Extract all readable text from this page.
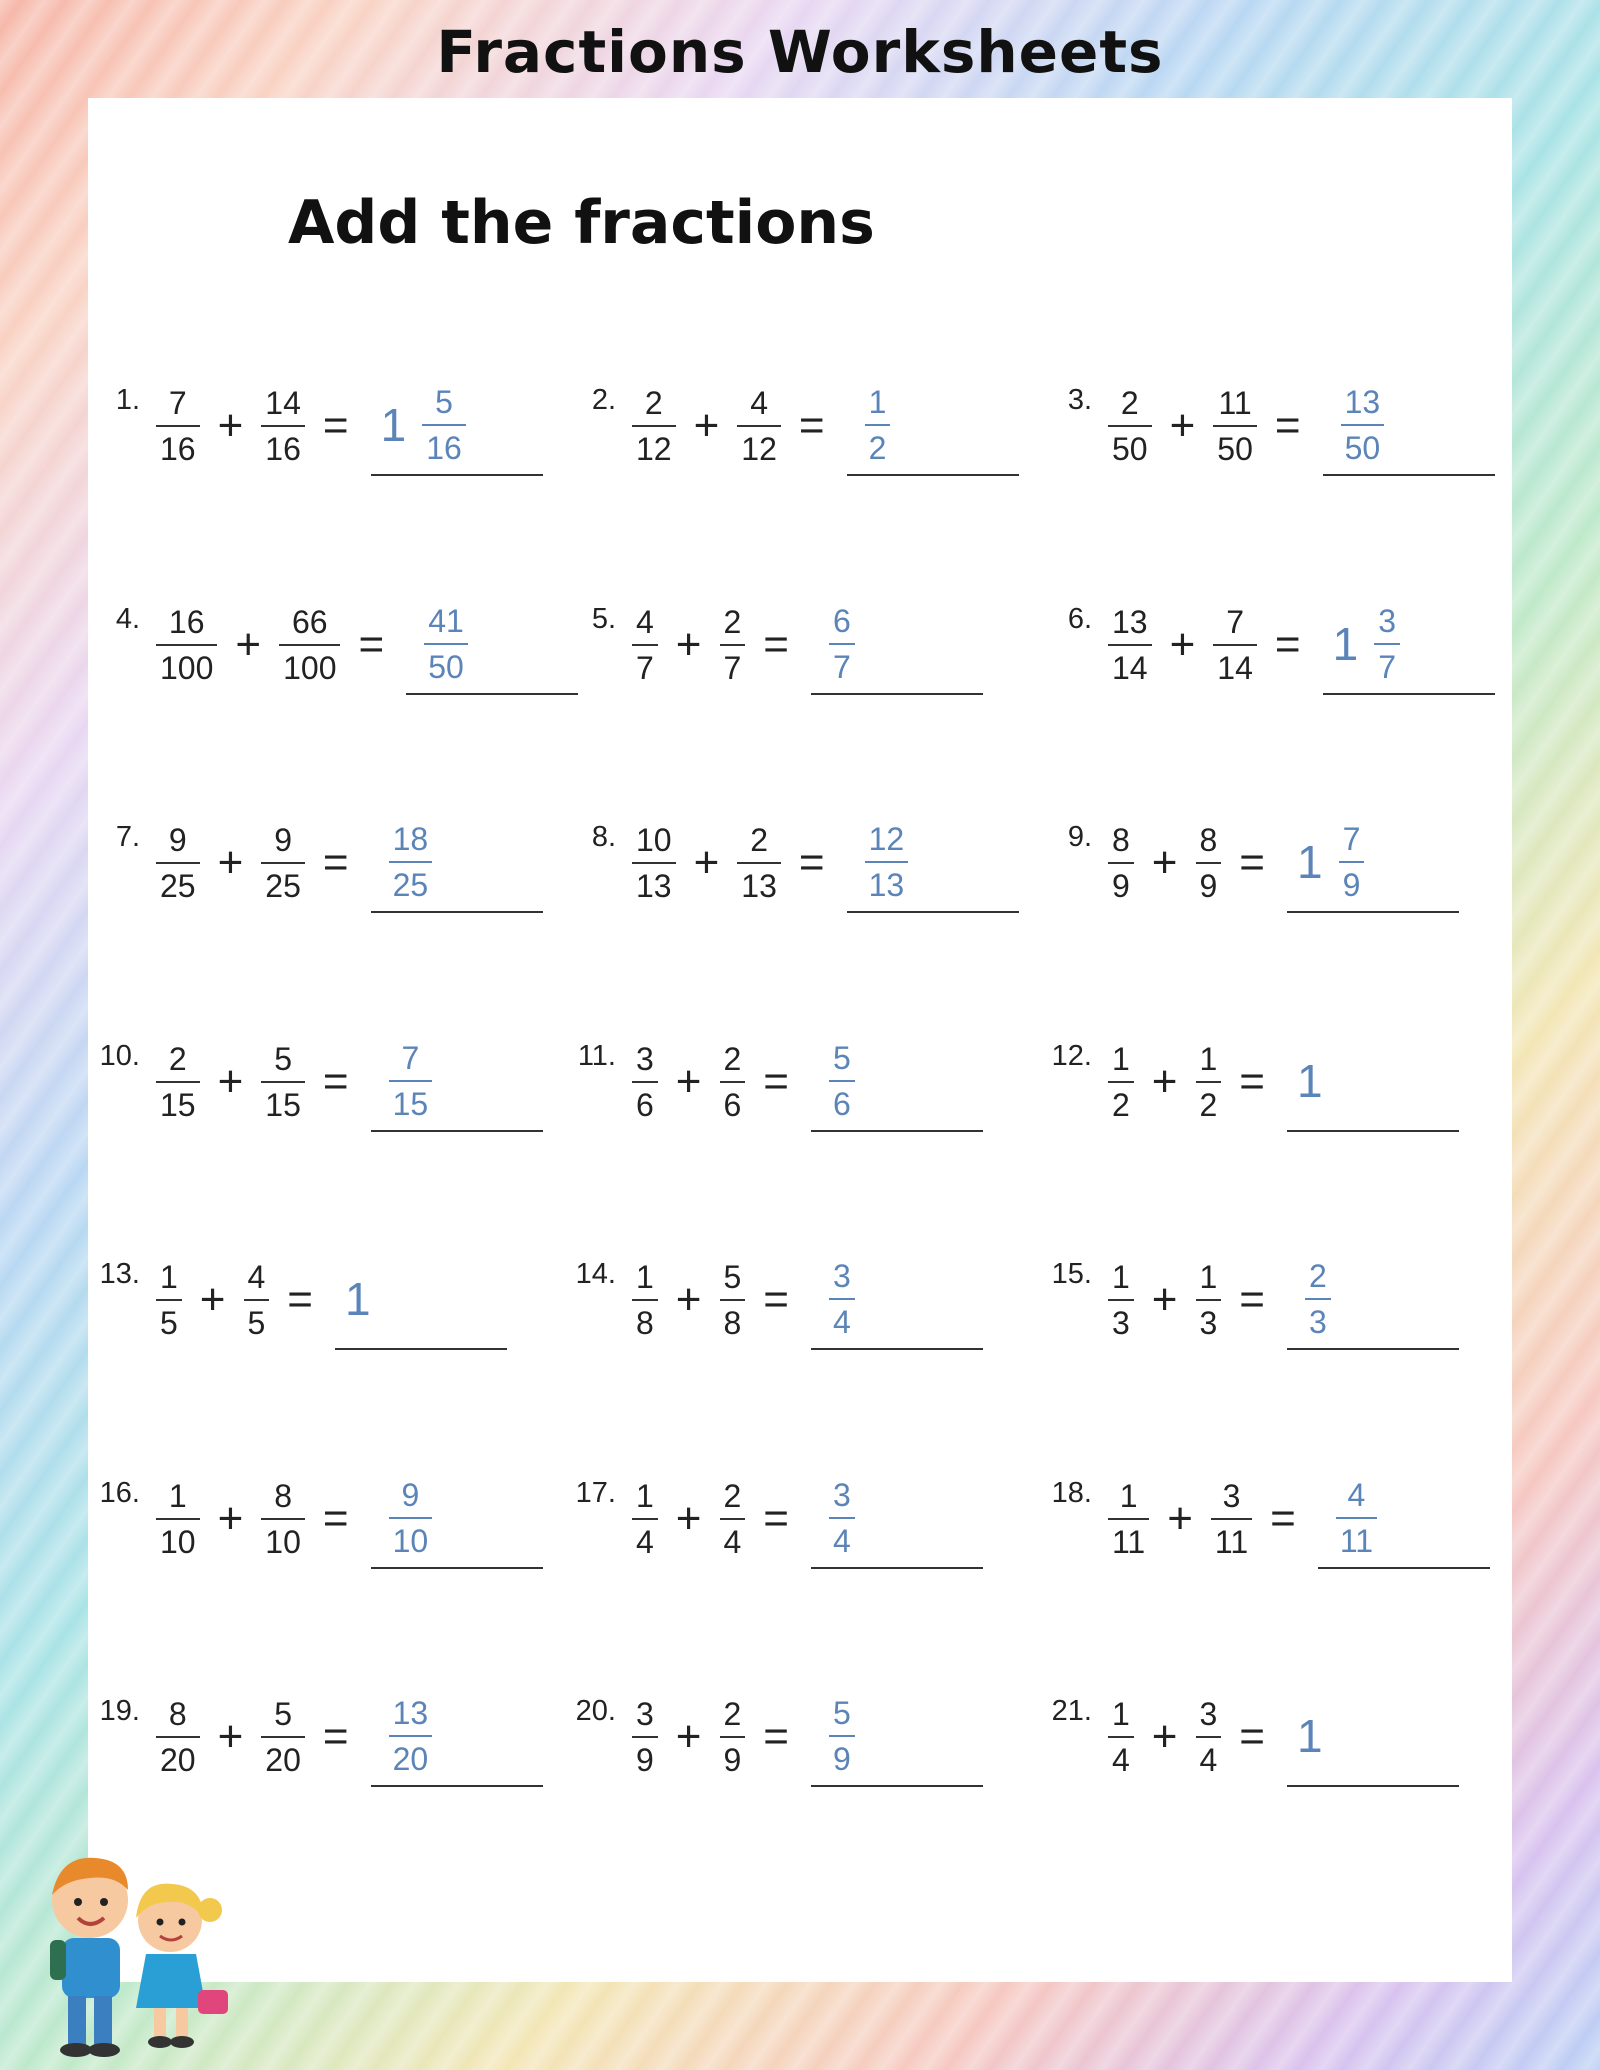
Fractions Worksheets
Add the fractions
1. $\frac{7}{16} + \frac{14}{16} = 1 \frac{5}{16}$	2. $\frac{2}{12} + \frac{4}{12} = \frac{1}{2}$	3. $\frac{2}{50} + \frac{11}{50} = \frac{13}{50}$
4. $\frac{16}{100} + \frac{66}{100} = \frac{41}{50}$	5. $\frac{4}{7} + \frac{2}{7} = \frac{6}{7}$	6. $\frac{13}{14} + \frac{7}{14} = 1 \frac{3}{7}$
7. $\frac{9}{25} + \frac{9}{25} = \frac{18}{25}$	8. $\frac{10}{13} + \frac{2}{13} = \frac{12}{13}$	9. $\frac{8}{9} + \frac{8}{9} = 1 \frac{7}{9}$
10. $\frac{2}{15} + \frac{5}{15} = \frac{7}{15}$	11. $\frac{3}{6} + \frac{2}{6} = \frac{5}{6}$	12. $\frac{1}{2} + \frac{1}{2} = 1$
13. $\frac{1}{5} + \frac{4}{5} = 1$	14. $\frac{1}{8} + \frac{5}{8} = \frac{3}{4}$	15. $\frac{1}{3} + \frac{1}{3} = \frac{2}{3}$
16. $\frac{1}{10} + \frac{8}{10} = \frac{9}{10}$	17. $\frac{1}{4} + \frac{2}{4} = \frac{3}{4}$	18. $\frac{1}{11} + \frac{3}{11} = \frac{4}{11}$
19. $\frac{8}{20} + \frac{5}{20} = \frac{13}{20}$	20. $\frac{3}{9} + \frac{2}{9} = \frac{5}{9}$	21. $\frac{1}{4} + \frac{3}{4} = 1$
